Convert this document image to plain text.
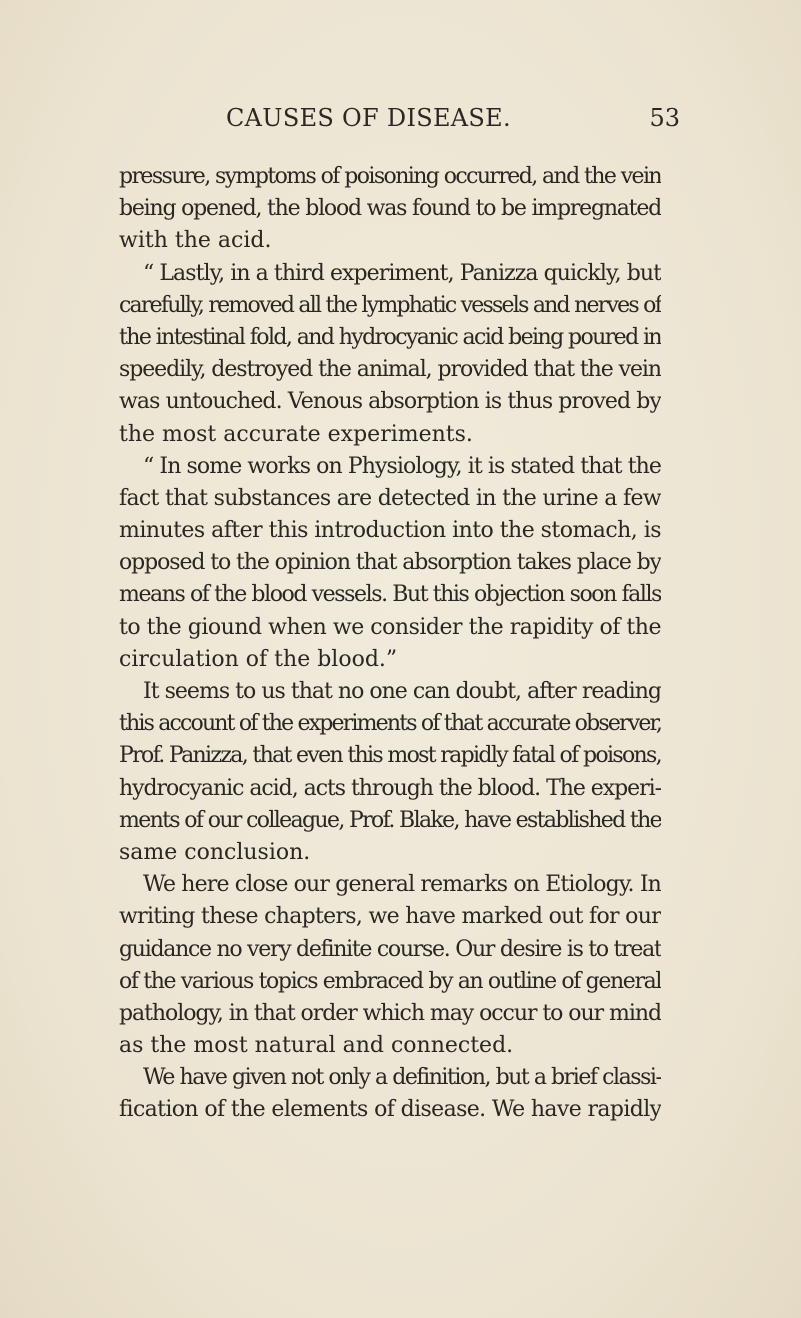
CAUSES OF DISEASE.	53
pressure, symptoms of poisoning occurred, and the vein
being opened, the blood was found to be impregnated
with the acid.
“ Lastly, in a third experiment, Panizza quickly, but
carefully, removed all the lymphatic vessels and nerves of
the intestinal fold, and hydrocyanic acid being poured in
speedily, destroyed the animal, provided that the vein
was untouched. Venous absorption is thus proved by
the most accurate experiments.
“ In some works on Physiology, it is stated that the
fact that substances are detected in the urine a few
minutes after this introduction into the stomach, is
opposed to the opinion that absorption takes place by
means of the blood vessels. But this objection soon falls
to the giound when we consider the rapidity of the
circulation of the blood.”
It seems to us that no one can doubt, after reading
this account of the experiments of that accurate observer,
Prof. Panizza, that even this most rapidly fatal of poisons,
hydrocyanic acid, acts through the blood. The experi-
ments of our colleague, Prof. Blake, have established the
same conclusion.
We here close our general remarks on Etiology. In
writing these chapters, we have marked out for our
guidance no very definite course. Our desire is to treat
of the various topics embraced by an outline of general
pathology, in that order which may occur to our mind
as the most natural and connected.
We have given not only a definition, but a brief classi-
fication of the elements of disease. We have rapidly
